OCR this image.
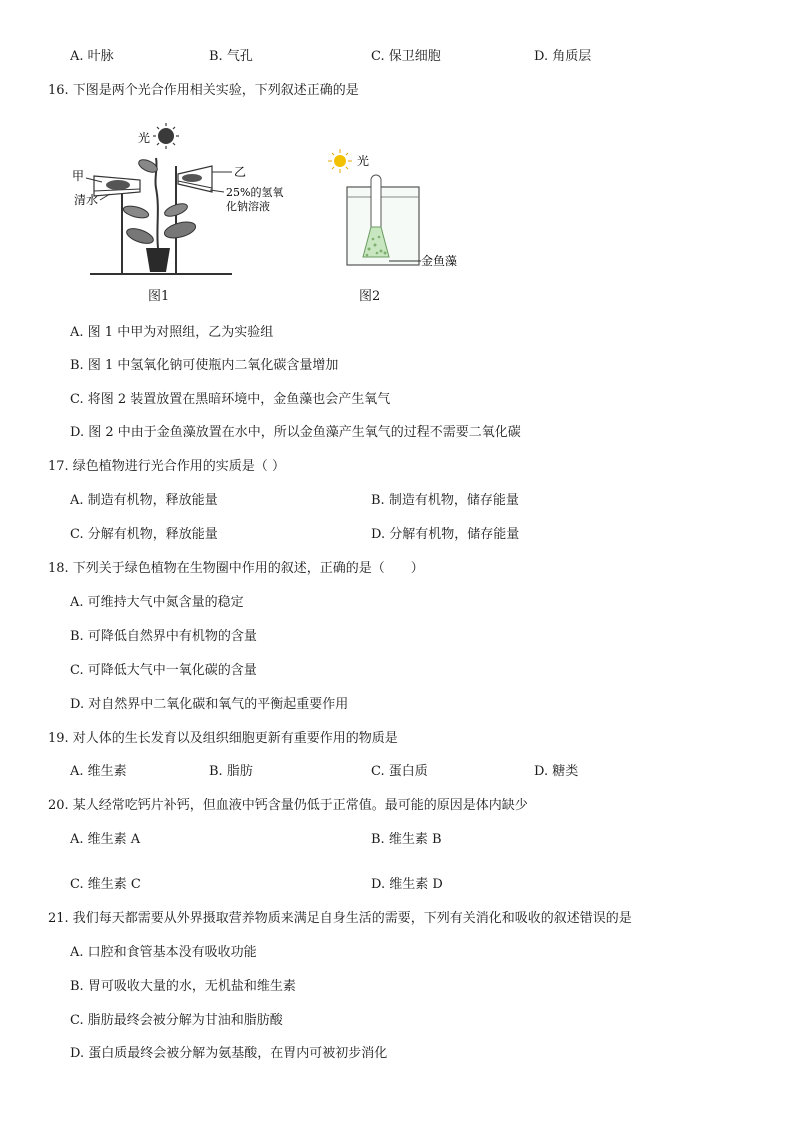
A. 叶脉	B. 气孔	C. 保卫细胞	D. 角质层
16. 下图是两个光合作用相关实验，下列叙述正确的是
光
甲
清水
乙
25%的氢氧
化钠溶液
图1
光
金鱼藻
图2
A. 图 1 中甲为对照组，乙为实验组
B. 图 1 中氢氧化钠可使瓶内二氧化碳含量增加
C. 将图 2 装置放置在黑暗环境中，金鱼藻也会产生氧气
D. 图 2 中由于金鱼藻放置在水中，所以金鱼藻产生氧气的过程不需要二氧化碳
17. 绿色植物进行光合作用的实质是（ ）
A. 制造有机物，释放能量	B. 制造有机物，储存能量
C. 分解有机物，释放能量	D. 分解有机物，储存能量
18. 下列关于绿色植物在生物圈中作用的叙述，正确的是（　　）
A. 可维持大气中氮含量的稳定
B. 可降低自然界中有机物的含量
C. 可降低大气中一氧化碳的含量
D. 对自然界中二氧化碳和氧气的平衡起重要作用
19. 对人体的生长发育以及组织细胞更新有重要作用的物质是
A. 维生素	B. 脂肪	C. 蛋白质	D. 糖类
20. 某人经常吃钙片补钙，但血液中钙含量仍低于正常值。最可能的原因是体内缺少
A. 维生素 A	B. 维生素 B
C. 维生素 C	D. 维生素 D
21. 我们每天都需要从外界摄取营养物质来满足自身生活的需要，下列有关消化和吸收的叙述错误的是
A. 口腔和食管基本没有吸收功能
B. 胃可吸收大量的水，无机盐和维生素
C. 脂肪最终会被分解为甘油和脂肪酸
D. 蛋白质最终会被分解为氨基酸，在胃内可被初步消化
